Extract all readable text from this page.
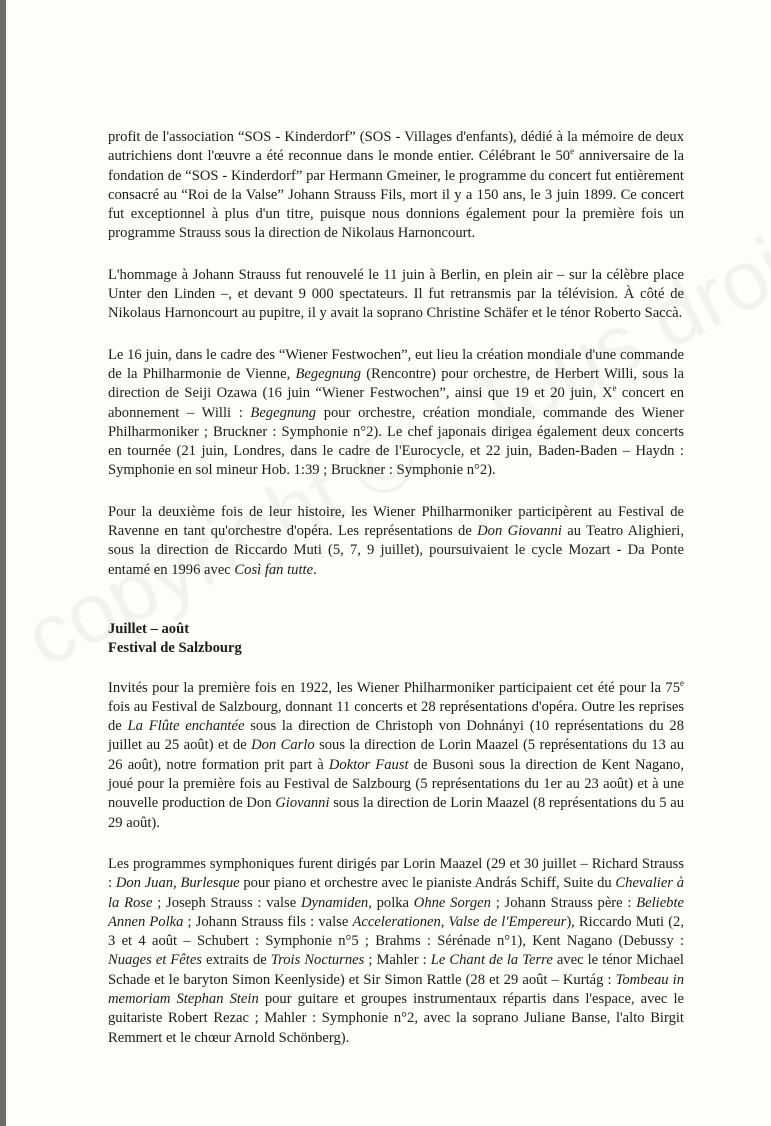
profit de l'association “SOS - Kinderdorf” (SOS - Villages d'enfants), dédié à la mémoire de deux autrichiens dont l'œuvre a été reconnue dans le monde entier. Célébrant le 50e anniversaire de la fondation de “SOS - Kinderdorf” par Hermann Gmeiner, le programme du concert fut entièrement consacré au “Roi de la Valse” Johann Strauss Fils, mort il y a 150 ans, le 3 juin 1899. Ce concert fut exceptionnel à plus d'un titre, puisque nous donnions également pour la première fois un programme Strauss sous la direction de Nikolaus Harnoncourt.

L'hommage à Johann Strauss fut renouvelé le 11 juin à Berlin, en plein air – sur la célèbre place Unter den Linden –, et devant 9 000 spectateurs. Il fut retransmis par la télévision. À côté de Nikolaus Harnoncourt au pupitre, il y avait la soprano Christine Schäfer et le ténor Roberto Saccà.

Le 16 juin, dans le cadre des “Wiener Festwochen”, eut lieu la création mondiale d'une commande de la Philharmonie de Vienne, Begegnung (Rencontre) pour orchestre, de Herbert Willi, sous la direction de Seiji Ozawa (16 juin “Wiener Festwochen”, ainsi que 19 et 20 juin, Xe concert en abonnement – Willi : Begegnung pour orchestre, création mondiale, commande des Wiener Philharmoniker ; Bruckner : Symphonie n°2). Le chef japonais dirigea également deux concerts en tournée (21 juin, Londres, dans le cadre de l'Eurocycle, et 22 juin, Baden-Baden – Haydn : Symphonie en sol mineur Hob. 1:39 ; Bruckner : Symphonie n°2).

Pour la deuxième fois de leur histoire, les Wiener Philharmoniker participèrent au Festival de Ravenne en tant qu'orchestre d'opéra. Les représentations de Don Giovanni au Teatro Alighieri, sous la direction de Riccardo Muti (5, 7, 9 juillet), poursuivaient le cycle Mozart - Da Ponte entamé en 1996 avec Così fan tutte.

Juillet – août
Festival de Salzbourg

Invités pour la première fois en 1922, les Wiener Philharmoniker participaient cet été pour la 75e fois au Festival de Salzbourg, donnant 11 concerts et 28 représentations d'opéra. Outre les reprises de La Flûte enchantée sous la direction de Christoph von Dohnányi (10 représentations du 28 juillet au 25 août) et de Don Carlo sous la direction de Lorin Maazel (5 représentations du 13 au 26 août), notre formation prit part à Doktor Faust de Busoni sous la direction de Kent Nagano, joué pour la première fois au Festival de Salzbourg (5 représentations du 1er au 23 août) et à une nouvelle production de Don Giovanni sous la direction de Lorin Maazel (8 représentations du 5 au 29 août).

Les programmes symphoniques furent dirigés par Lorin Maazel (29 et 30 juillet – Richard Strauss : Don Juan, Burlesque pour piano et orchestre avec le pianiste András Schiff, Suite du Chevalier à la Rose ; Joseph Strauss : valse Dynamiden, polka Ohne Sorgen ; Johann Strauss père : Beliebte Annen Polka ; Johann Strauss fils : valse Accelerationen, Valse de l'Empereur), Riccardo Muti (2, 3 et 4 août – Schubert : Symphonie n°5 ; Brahms : Sérénade n°1), Kent Nagano (Debussy : Nuages et Fêtes extraits de Trois Nocturnes ; Mahler : Le Chant de la Terre avec le ténor Michael Schade et le baryton Simon Keenlyside) et Sir Simon Rattle (28 et 29 août – Kurtág : Tombeau in memoriam Stephan Stein pour guitare et groupes instrumentaux répartis dans l'espace, avec le guitariste Robert Rezac ; Mahler : Symphonie n°2, avec la soprano Juliane Banse, l'alto Birgit Remmert et le chœur Arnold Schönberg).
